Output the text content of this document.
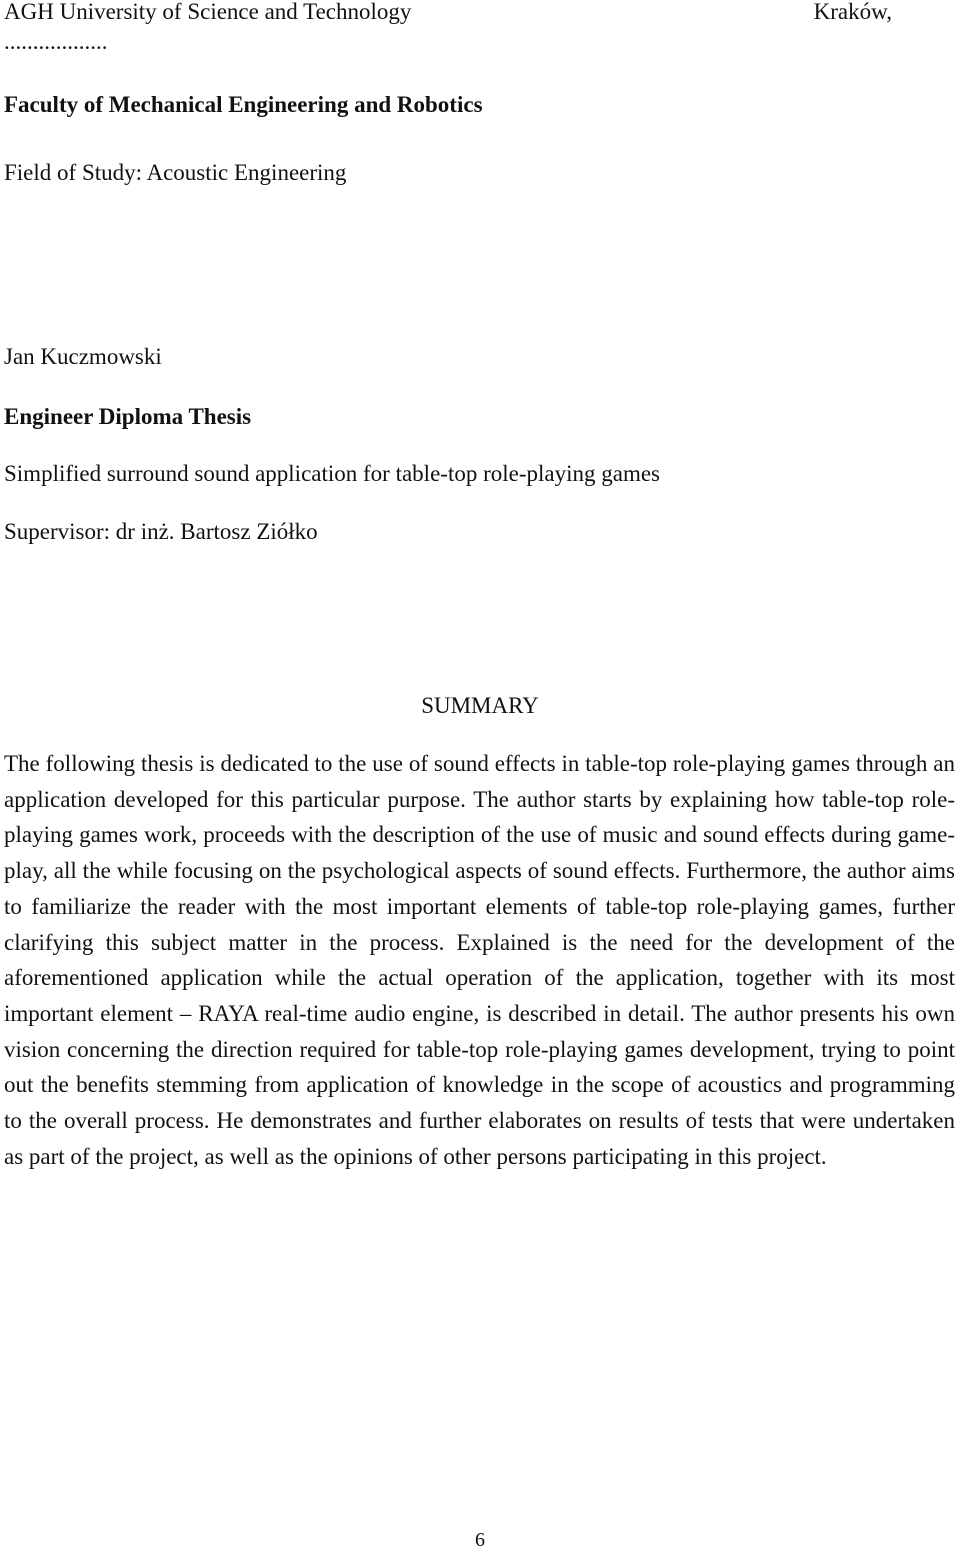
AGH University of Science and Technology	Kraków,
..................
Faculty of Mechanical Engineering and Robotics
Field of Study: Acoustic Engineering
Jan Kuczmowski
Engineer Diploma Thesis
Simplified surround sound application for table-top role-playing games
Supervisor: dr inż. Bartosz Ziółko
SUMMARY

The following thesis is dedicated to the use of sound effects in table-top role-playing games through an application developed for this particular purpose. The author starts by explaining how table-top role-playing games work, proceeds with the description of the use of music and sound effects during game-play, all the while focusing on the psychological aspects of sound effects. Furthermore, the author aims to familiarize the reader with the most important elements of table-top role-playing games, further clarifying this subject matter in the process. Explained is the need for the development of the aforementioned application while the actual operation of the application, together with its most important element – RAYA real-time audio engine, is described in detail. The author presents his own vision concerning the direction required for table-top role-playing games development, trying to point out the benefits stemming from application of knowledge in the scope of acoustics and programming to the overall process. He demonstrates and further elaborates on results of tests that were undertaken as part of the project, as well as the opinions of other persons participating in this project.

6
